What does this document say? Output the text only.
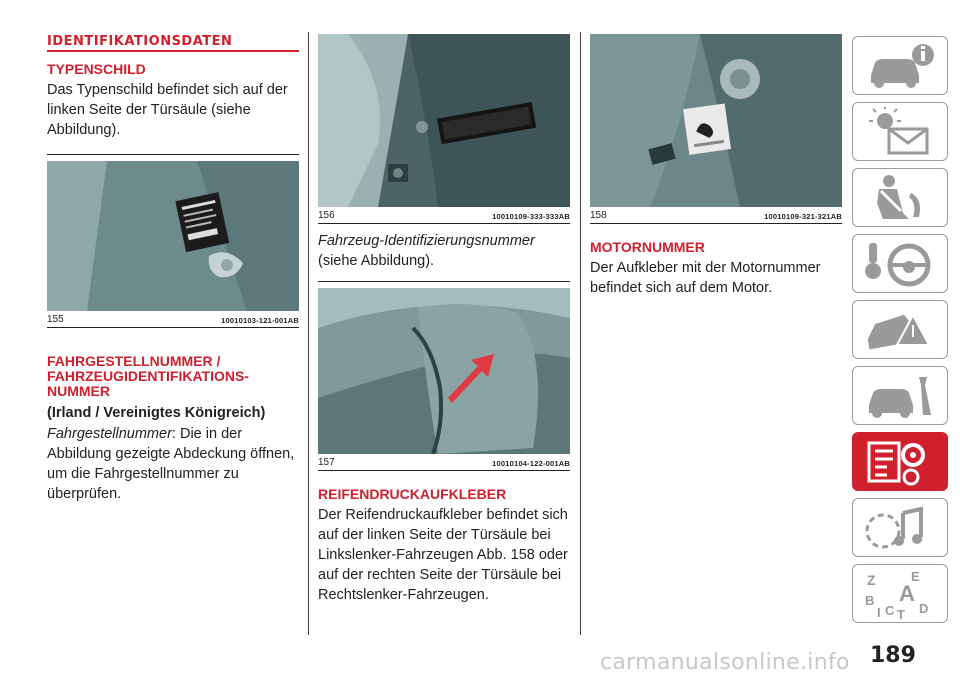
IDENTIFIKATIONSDATEN
TYPENSCHILD

Das Typenschild befindet sich auf der linken Seite der Türsäule (siehe Abbildung).

155	10010103-121-001AB
FAHRGESTELLNUMMER / FAHRZEUGIDENTIFIKATIONS- NUMMER
(Irland / Vereinigtes Königreich)

Fahrgestellnummer: Die in der Abbildung gezeigte Abdeckung öffnen, um die Fahrgestellnummer zu überprüfen.

156	10010109-333-333AB

Fahrzeug-Identifizierungsnummer (siehe Abbildung).

157	10010104-122-001AB
REIFENDRUCKAUFKLEBER

Der Reifendruckaufkleber befindet sich auf der linken Seite der Türsäule bei Linkslenker-Fahrzeugen Abb. 158 oder auf der rechten Seite der Türsäule bei Rechtslenker-Fahrzeugen.

158	10010109-321-321AB
MOTORNUMMER

Der Aufkleber mit der Motornummer befindet sich auf dem Motor.

Z	E
B A
I C T D
carmanualsonline.info 189
